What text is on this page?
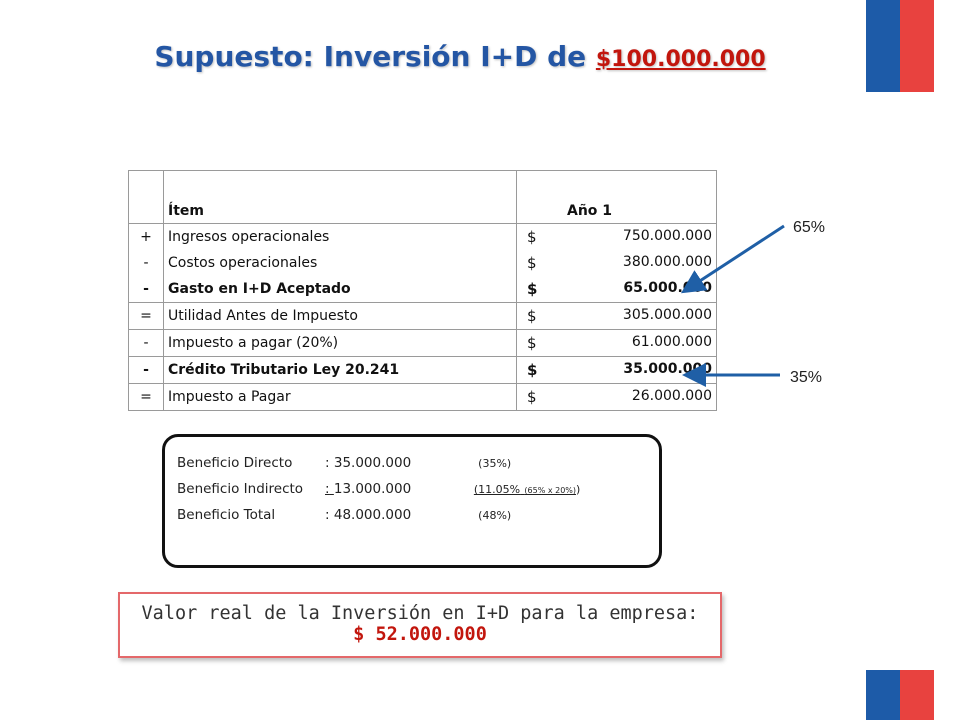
Supuesto: Inversión I+D de $100.000.000
	Ítem	Año 1
+	Ingresos operacionales	$ 750.000.000

-	Costos operacionales	$ 380.000.000

-	Gasto en I+D Aceptado	$ 65.000.000

=	Utilidad Antes de Impuesto	$ 305.000.000

-	Impuesto a pagar (20%)	$ 61.000.000

-	Crédito Tributario Ley 20.241	$ 35.000.000

=	Impuesto a Pagar	$ 26.000.000
65%
35%
Beneficio Directo : 35.000.000	(35%)
Beneficio Indirecto : 13.000.000	(11.05% (65% x 20%))
Beneficio Total	: 48.000.000	(48%)
Valor real de la Inversión en I+D para la empresa:
$ 52.000.000
